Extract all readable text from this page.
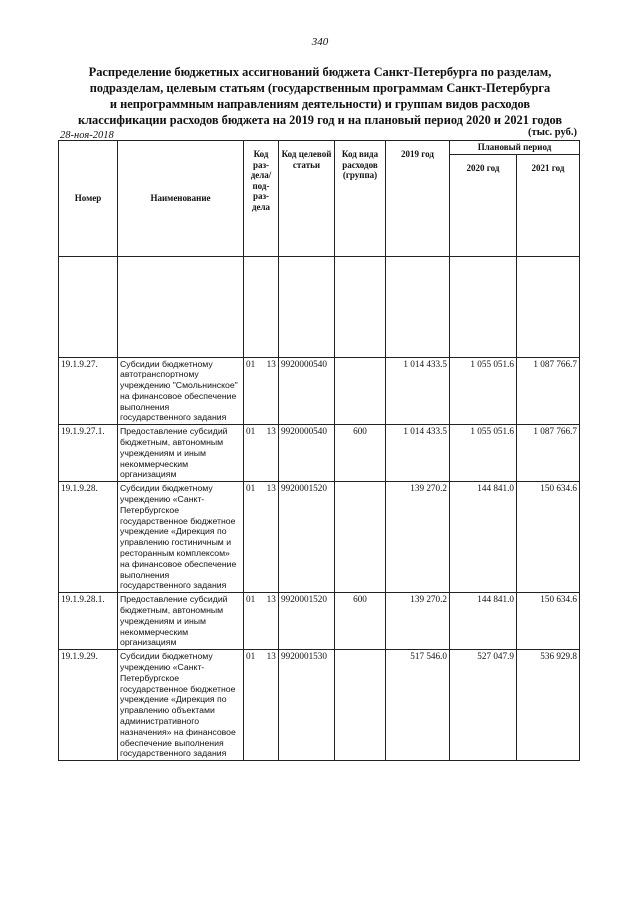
340
Распределение бюджетных ассигнований бюджета Санкт-Петербурга по разделам,
подразделам, целевым статьям (государственным программам Санкт-Петербурга
и непрограммным направлениям деятельности) и группам видов расходов
классификации расходов бюджета на 2019 год и на плановый период 2020 и 2021 годов
28-ноя-2018	(тыс. руб.)
Номер	Наименование	Код раз-дела/ под-раз-дела	Код целевой статьи	Код вида расходов (группа)	2019 год	Плановый период	
						2020 год	2021 год

19.1.9.27.	Субсидии бюджетному автотранспортному учреждению "Смольнинское" на финансовое обеспечение выполнения государственного задания	01 13	9920000540		1 014 433.5	1 055 051.6	1 087 766.7
19.1.9.27.1.	Предоставление субсидий бюджетным, автономным учреждениям и иным некоммерческим организациям	01 13	9920000540	600	1 014 433.5	1 055 051.6	1 087 766.7
19.1.9.28.	Субсидии бюджетному учреждению «Санкт-Петербургское государственное бюджетное учреждение «Дирекция по управлению гостиничным и ресторанным комплексом» на финансовое обеспечение выполнения государственного задания	01 13	9920001520		139 270.2	144 841.0	150 634.6
19.1.9.28.1.	Предоставление субсидий бюджетным, автономным учреждениям и иным некоммерческим организациям	01 13	9920001520	600	139 270.2	144 841.0	150 634.6
19.1.9.29.	Субсидии бюджетному учреждению «Санкт-Петербургское государственное бюджетное учреждение «Дирекция по управлению объектами административного назначения» на финансовое обеспечение выполнения государственного задания	01 13	9920001530		517 546.0	527 047.9	536 929.8
